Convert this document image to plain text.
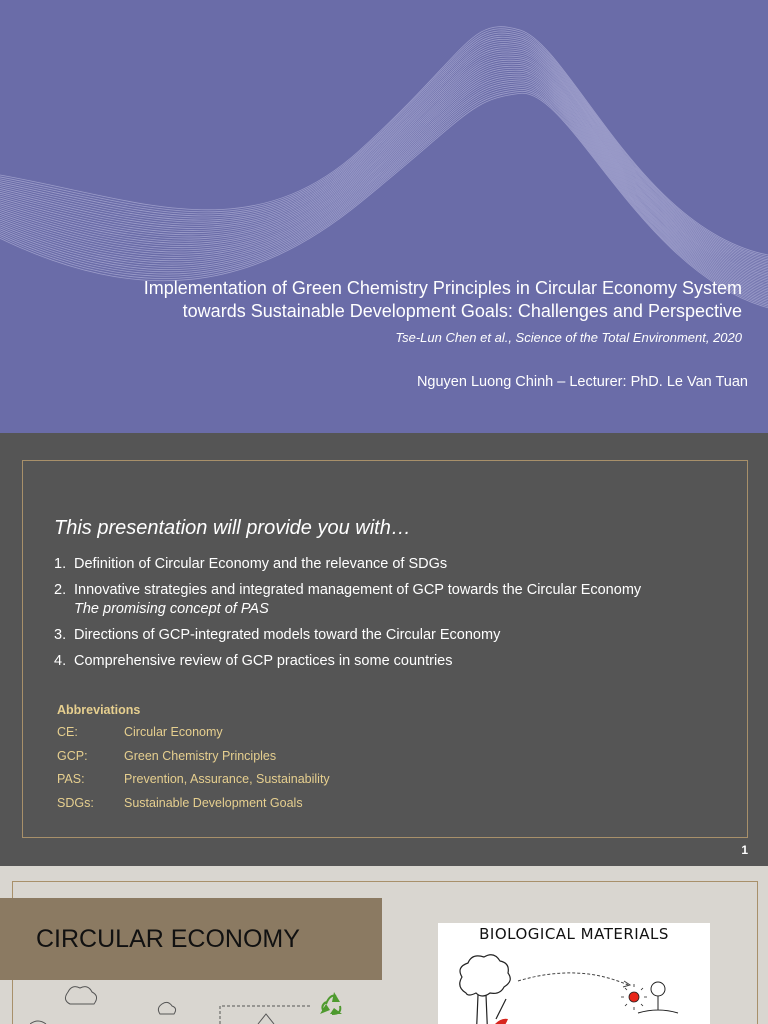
Implementation of Green Chemistry Principles in Circular Economy System
towards Sustainable Development Goals: Challenges and Perspective
Tse-Lun Chen et al., Science of the Total Environment, 2020
Nguyen Luong Chinh – Lecturer: PhD. Le Van Tuan
This presentation will provide you with…
1. Definition of Circular Economy and the relevance of SDGs
2. Innovative strategies and integrated management of GCP towards the Circular Economy
The promising concept of PAS
3. Directions of GCP-integrated models toward the Circular Economy
4. Comprehensive review of GCP practices in some countries
Abbreviations
CE:	Circular Economy
GCP:	Green Chemistry Principles
PAS:	Prevention, Assurance, Sustainability
SDGs:	Sustainable Development Goals
1
CIRCULAR ECONOMY	BIOLOGICAL MATERIALS
